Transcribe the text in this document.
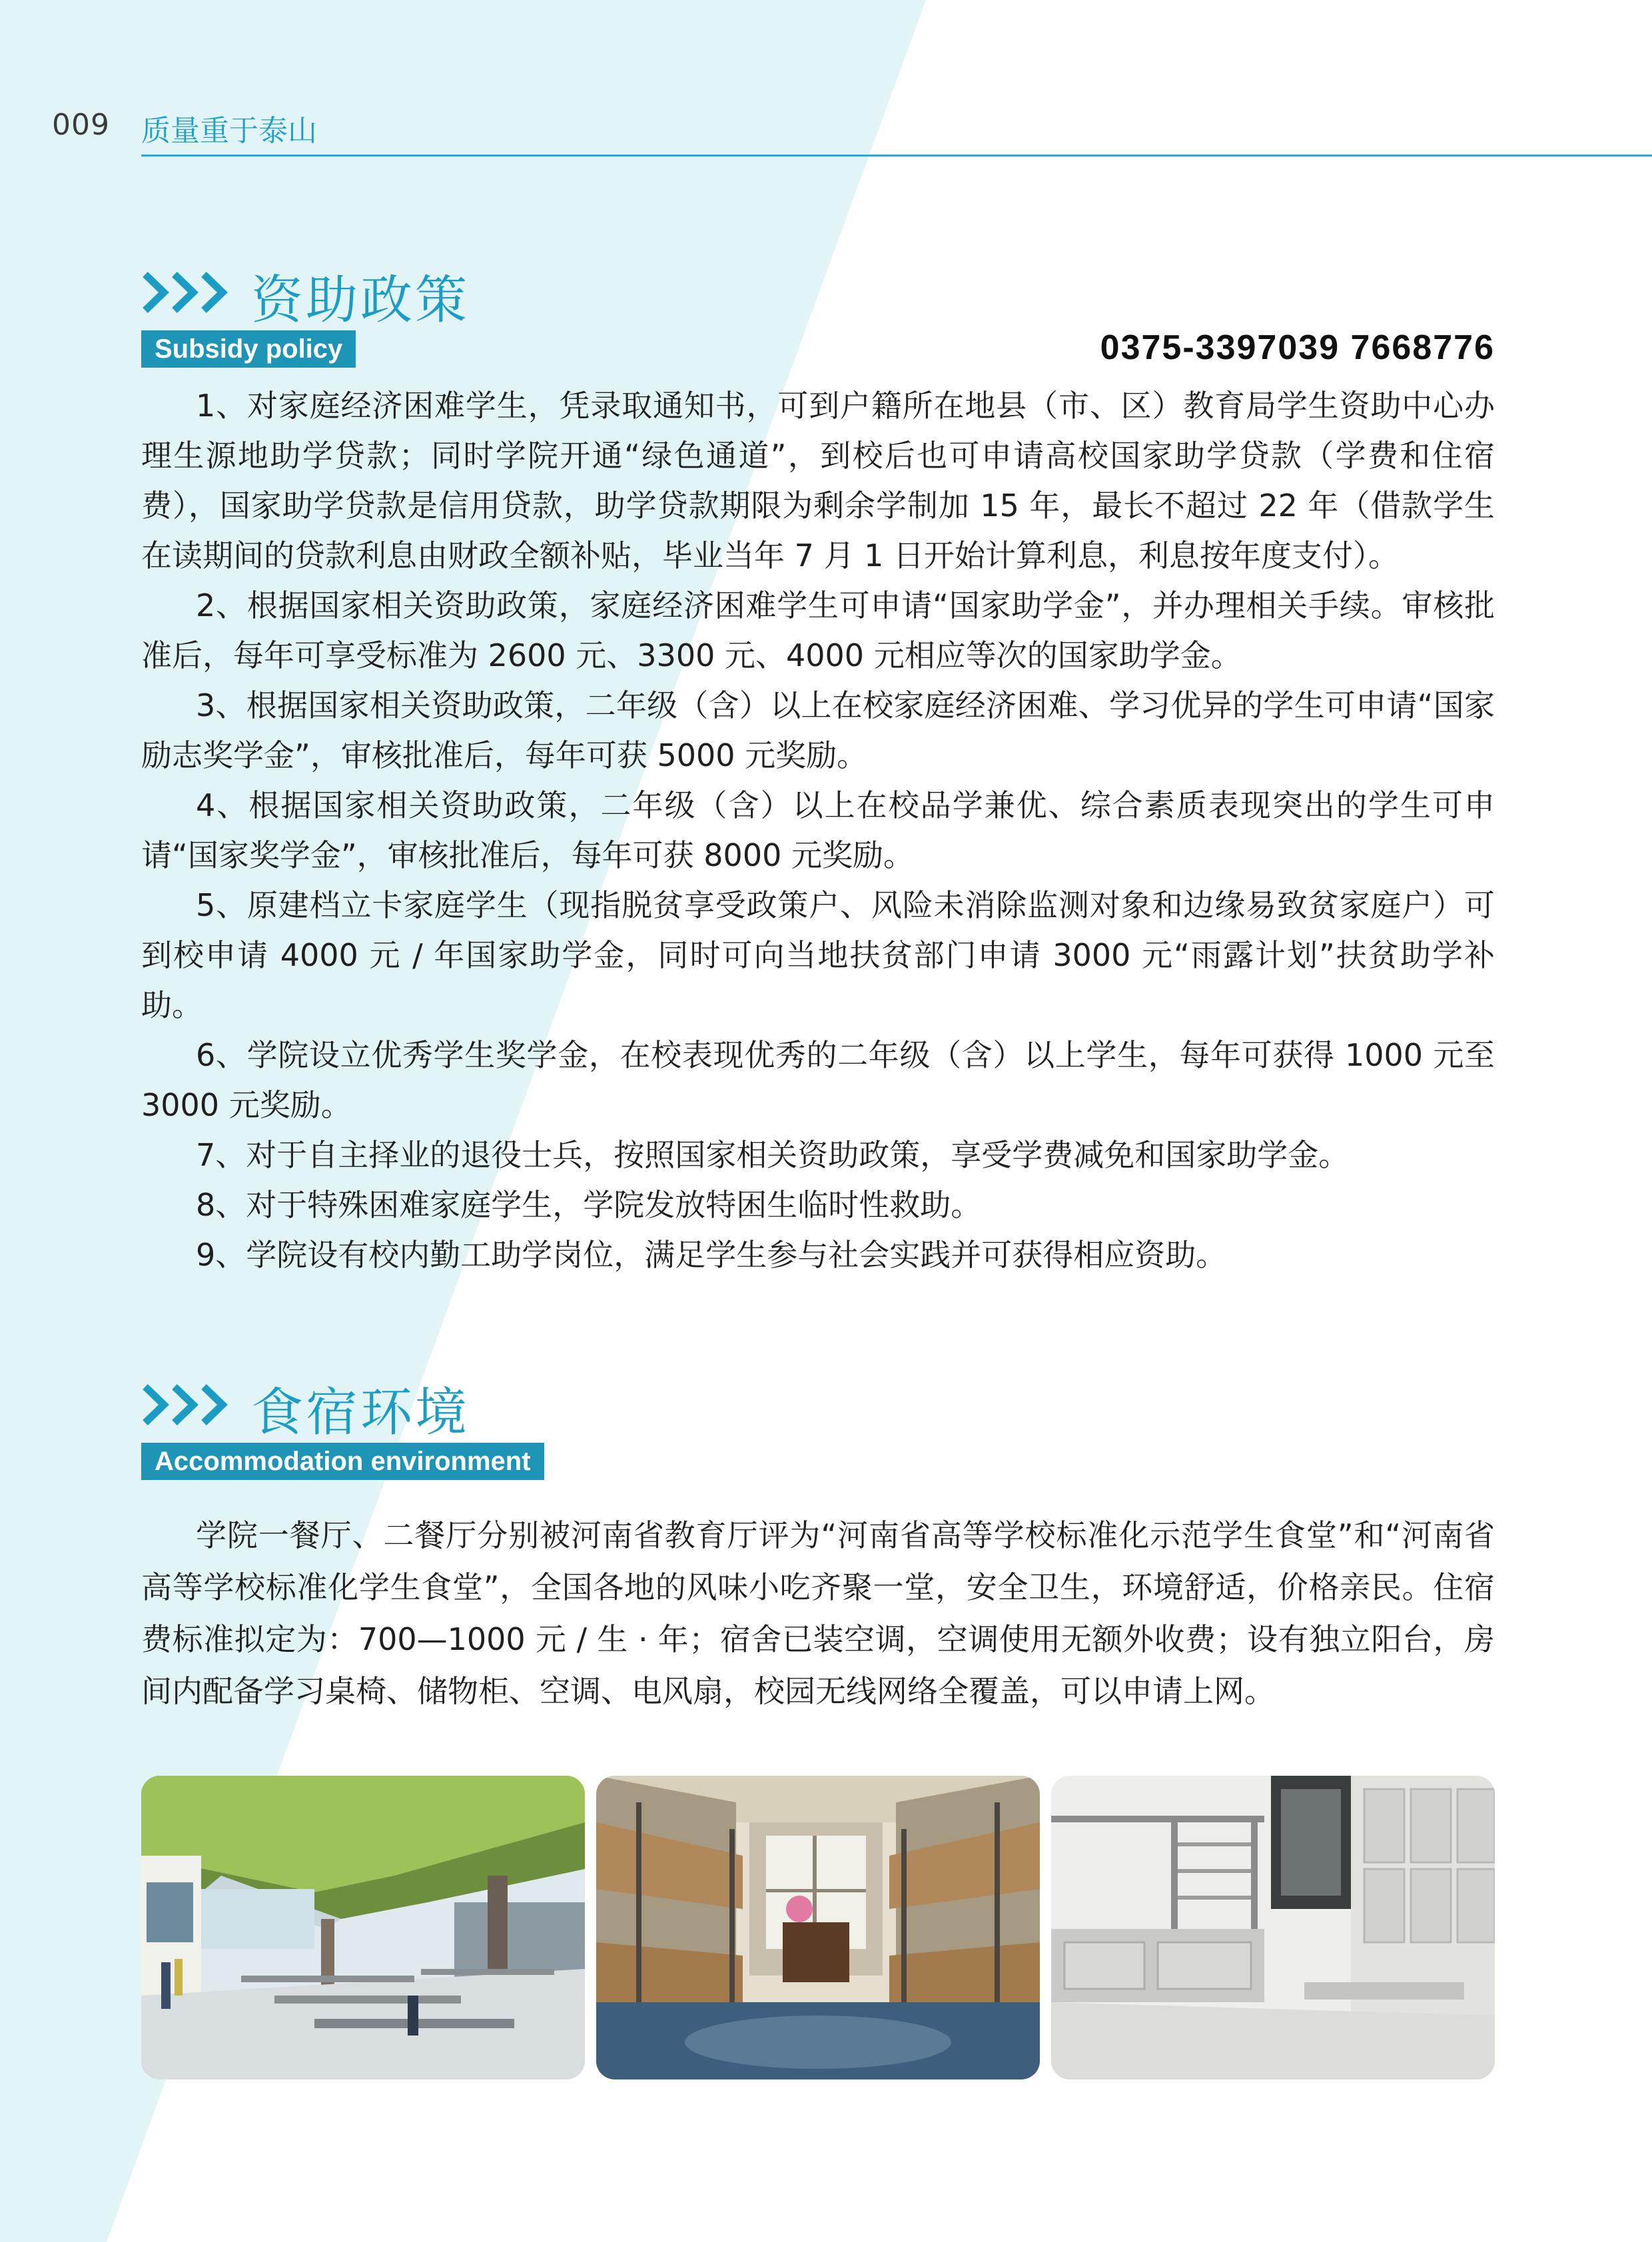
009 质量重于泰山
资助政策
Subsidy policy	0375-3397039 7668776

1、对家庭经济困难学生，凭录取通知书，可到户籍所在地县（市、区）教育局学生资助中心办理生源地助学贷款；同时学院开通“绿色通道”，到校后也可申请高校国家助学贷款（学费和住宿费），国家助学贷款是信用贷款，助学贷款期限为剩余学制加 15 年，最长不超过 22 年（借款学生在读期间的贷款利息由财政全额补贴，毕业当年 7 月 1 日开始计算利息，利息按年度支付）。

2、根据国家相关资助政策，家庭经济困难学生可申请“国家助学金”，并办理相关手续。审核批准后，每年可享受标准为 2600 元、3300 元、4000 元相应等次的国家助学金。

3、根据国家相关资助政策，二年级（含）以上在校家庭经济困难、学习优异的学生可申请“国家励志奖学金”，审核批准后，每年可获 5000 元奖励。

4、根据国家相关资助政策，二年级（含）以上在校品学兼优、综合素质表现突出的学生可申请“国家奖学金”，审核批准后，每年可获 8000 元奖励。

5、原建档立卡家庭学生（现指脱贫享受政策户、风险未消除监测对象和边缘易致贫家庭户）可到校申请 4000 元 / 年国家助学金，同时可向当地扶贫部门申请 3000 元“雨露计划”扶贫助学补助。

6、学院设立优秀学生奖学金，在校表现优秀的二年级（含）以上学生，每年可获得 1000 元至 3000 元奖励。

7、对于自主择业的退役士兵，按照国家相关资助政策，享受学费减免和国家助学金。

8、对于特殊困难家庭学生，学院发放特困生临时性救助。

9、学院设有校内勤工助学岗位，满足学生参与社会实践并可获得相应资助。

食宿环境
Accommodation environment

学院一餐厅、二餐厅分别被河南省教育厅评为“河南省高等学校标准化示范学生食堂”和“河南省高等学校标准化学生食堂”，全国各地的风味小吃齐聚一堂，安全卫生，环境舒适，价格亲民。住宿费标准拟定为：700—1000 元 / 生 · 年；宿舍已装空调，空调使用无额外收费；设有独立阳台，房间内配备学习桌椅、储物柜、空调、电风扇，校园无线网络全覆盖，可以申请上网。
